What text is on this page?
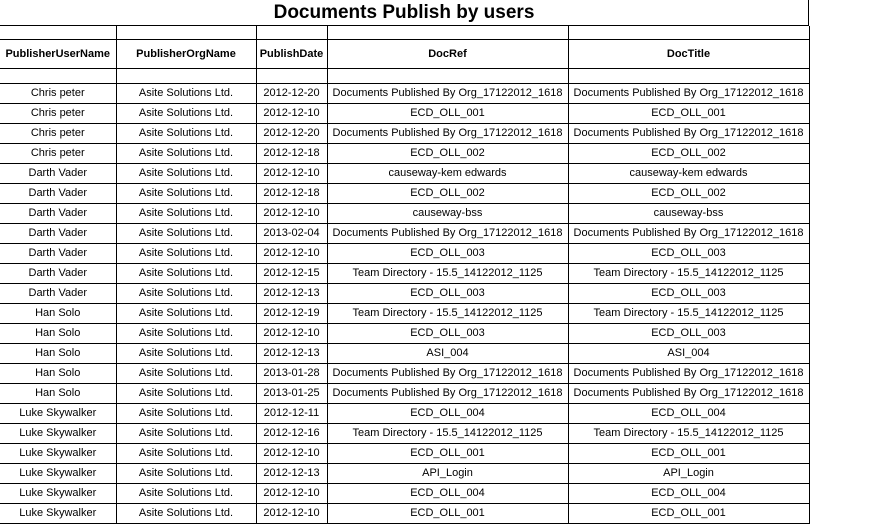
Documents Publish by users

PublisherUserName	PublisherOrgName	PublishDate	DocRef	DocTitle

Chris peter	Asite Solutions Ltd.	2012-12-20	Documents Published By Org_17122012_1618	Documents Published By Org_17122012_1618
Chris peter	Asite Solutions Ltd.	2012-12-10	ECD_OLL_001	ECD_OLL_001
Chris peter	Asite Solutions Ltd.	2012-12-20	Documents Published By Org_17122012_1618	Documents Published By Org_17122012_1618
Chris peter	Asite Solutions Ltd.	2012-12-18	ECD_OLL_002	ECD_OLL_002
Darth Vader	Asite Solutions Ltd.	2012-12-10	causeway-kem edwards	causeway-kem edwards
Darth Vader	Asite Solutions Ltd.	2012-12-18	ECD_OLL_002	ECD_OLL_002
Darth Vader	Asite Solutions Ltd.	2012-12-10	causeway-bss	causeway-bss
Darth Vader	Asite Solutions Ltd.	2013-02-04	Documents Published By Org_17122012_1618	Documents Published By Org_17122012_1618
Darth Vader	Asite Solutions Ltd.	2012-12-10	ECD_OLL_003	ECD_OLL_003
Darth Vader	Asite Solutions Ltd.	2012-12-15	Team Directory - 15.5_14122012_1125	Team Directory - 15.5_14122012_1125
Darth Vader	Asite Solutions Ltd.	2012-12-13	ECD_OLL_003	ECD_OLL_003
Han Solo	Asite Solutions Ltd.	2012-12-19	Team Directory - 15.5_14122012_1125	Team Directory - 15.5_14122012_1125
Han Solo	Asite Solutions Ltd.	2012-12-10	ECD_OLL_003	ECD_OLL_003
Han Solo	Asite Solutions Ltd.	2012-12-13	ASI_004	ASI_004
Han Solo	Asite Solutions Ltd.	2013-01-28	Documents Published By Org_17122012_1618	Documents Published By Org_17122012_1618
Han Solo	Asite Solutions Ltd.	2013-01-25	Documents Published By Org_17122012_1618	Documents Published By Org_17122012_1618
Luke Skywalker	Asite Solutions Ltd.	2012-12-11	ECD_OLL_004	ECD_OLL_004
Luke Skywalker	Asite Solutions Ltd.	2012-12-16	Team Directory - 15.5_14122012_1125	Team Directory - 15.5_14122012_1125
Luke Skywalker	Asite Solutions Ltd.	2012-12-10	ECD_OLL_001	ECD_OLL_001
Luke Skywalker	Asite Solutions Ltd.	2012-12-13	API_Login	API_Login
Luke Skywalker	Asite Solutions Ltd.	2012-12-10	ECD_OLL_004	ECD_OLL_004
Luke Skywalker	Asite Solutions Ltd.	2012-12-10	ECD_OLL_001	ECD_OLL_001
